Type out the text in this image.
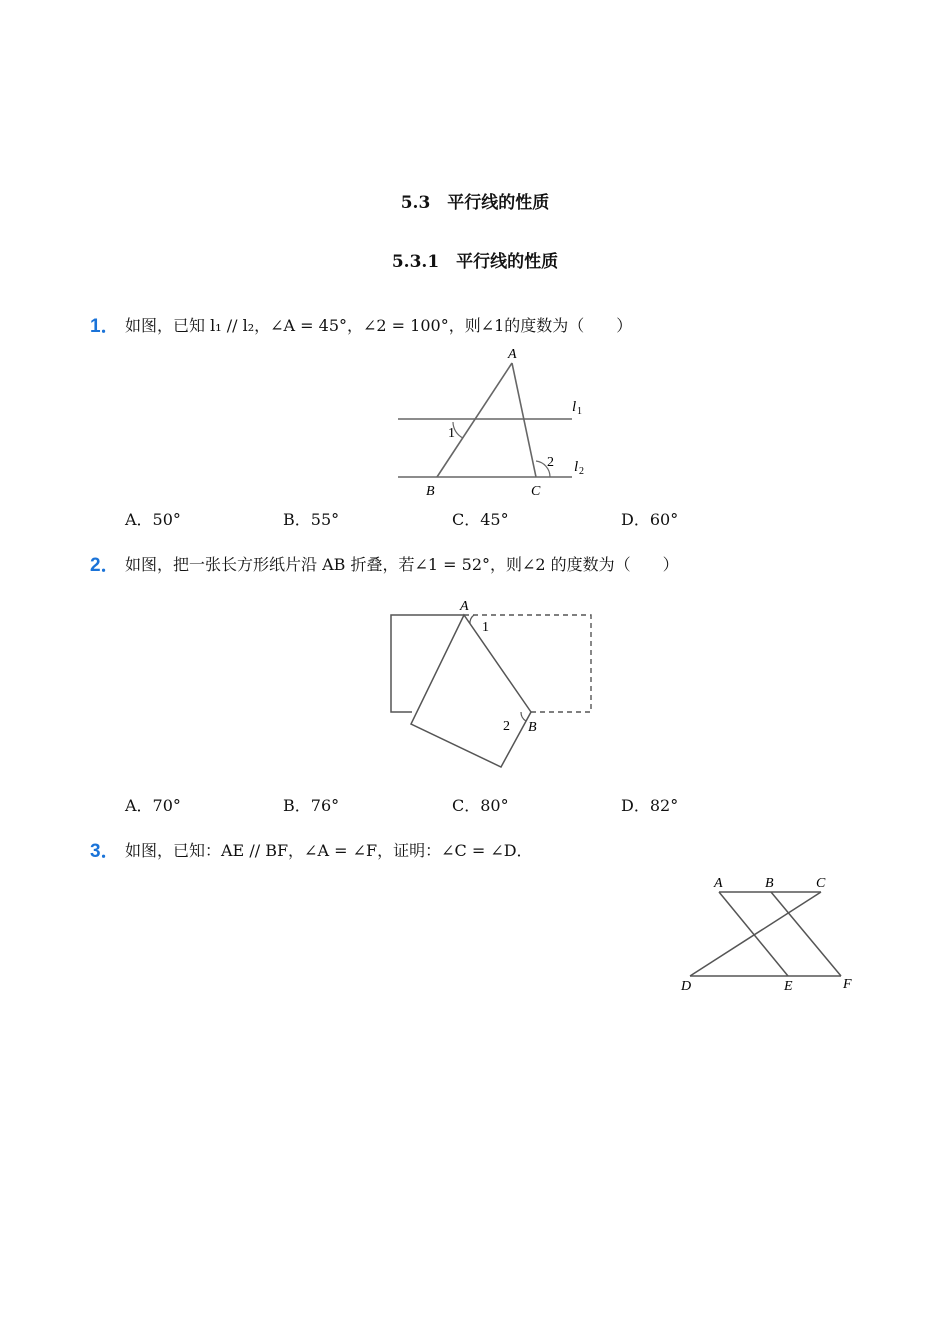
5.3　平行线的性质
5.3.1　平行线的性质
1． 如图，已知 l₁ // l₂，∠A = 45°，∠2 = 100°，则∠1的度数为（　　）
A
B	C
1
2
l 1
l 2
A．50°	B．55°	C．45°	D．60°
2． 如图，把一张长方形纸片沿 AB 折叠，若∠1 = 52°，则∠2 的度数为（　　）
A
1
2 B
A．70°	B．76°	C．80°	D．82°
3． 如图，已知：AE // BF，∠A = ∠F，证明：∠C = ∠D．
A	B	C
D	E	F
